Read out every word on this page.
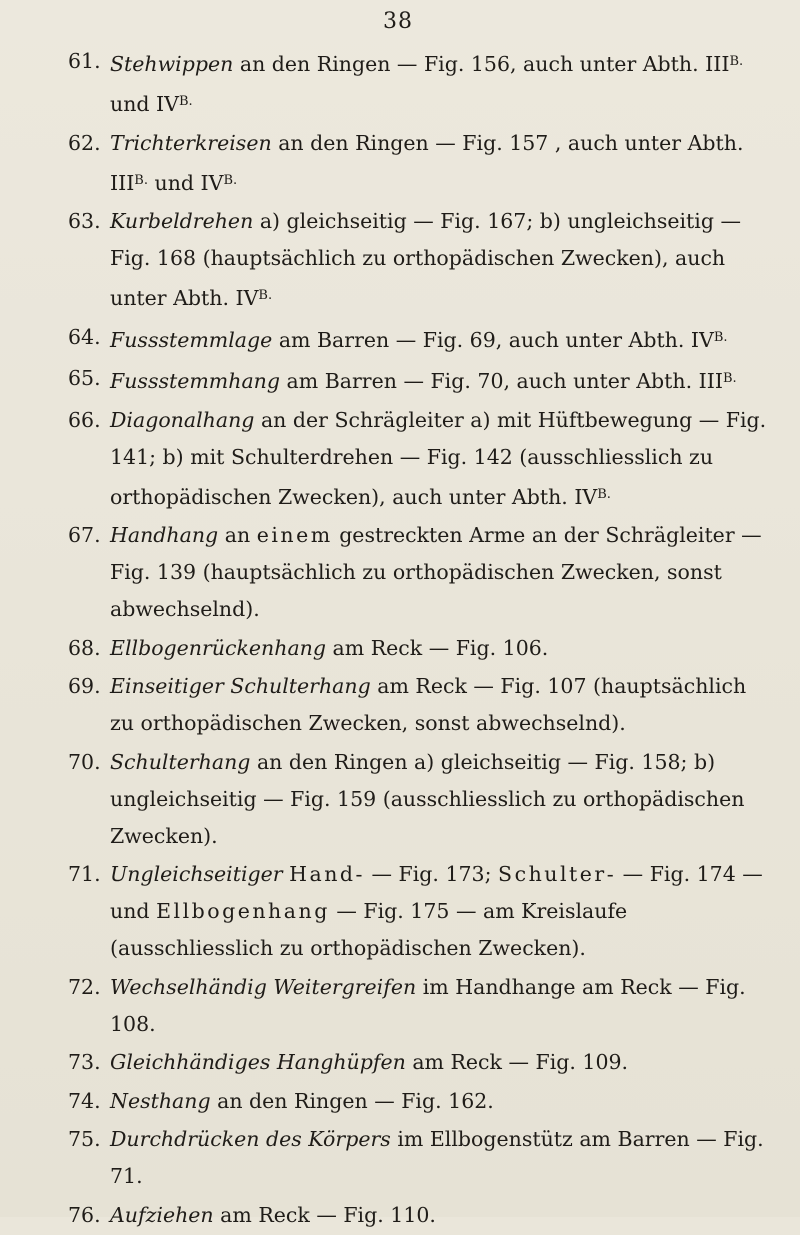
38
61. Stehwippen an den Ringen — Fig. 156, auch unter Abth. $III^{B.}$ und $IV^{B.}$
62. Trichterkreisen an den Ringen — Fig. 157 , auch unter Abth. $III^{B.}$ und $IV^{B.}$
63. Kurbeldrehen a) gleichseitig — Fig. 167; b) ungleichseitig — Fig. 168 (hauptsächlich zu orthopädischen Zwecken), auch unter Abth. $IV^{B.}$
64. Fussstemmlage am Barren — Fig. 69, auch unter Abth. $IV^{B.}$
65. Fussstemmhang am Barren — Fig. 70, auch unter Abth. $III^{B.}$
66. Diagonalhang an der Schrägleiter a) mit Hüftbewegung — Fig. 141; b) mit Schulterdrehen — Fig. 142 (ausschliesslich zu orthopädischen Zwecken), auch unter Abth. $IV^{B.}$
67. Handhang an einem gestreckten Arme an der Schrägleiter — Fig. 139 (hauptsächlich zu orthopädischen Zwecken, sonst abwechselnd).
68. Ellbogenrückenhang am Reck — Fig. 106.
69. Einseitiger Schulterhang am Reck — Fig. 107 (hauptsächlich zu orthopädischen Zwecken, sonst abwechselnd).
70. Schulterhang an den Ringen a) gleichseitig — Fig. 158; b) ungleichseitig — Fig. 159 (ausschliesslich zu orthopädischen Zwecken).
71. Ungleichseitiger Hand- — Fig. 173; Schulter- — Fig. 174 — und Ellbogenhang — Fig. 175 — am Kreislaufe (ausschliesslich zu orthopädischen Zwecken).
72. Wechselhändig Weitergreifen im Handhange am Reck — Fig. 108.
73. Gleichhändiges Hanghüpfen am Reck — Fig. 109.
74. Nesthang an den Ringen — Fig. 162.
75. Durchdrücken des Körpers im Ellbogenstütz am Barren — Fig. 71.
76. Aufziehen am Reck — Fig. 110.
